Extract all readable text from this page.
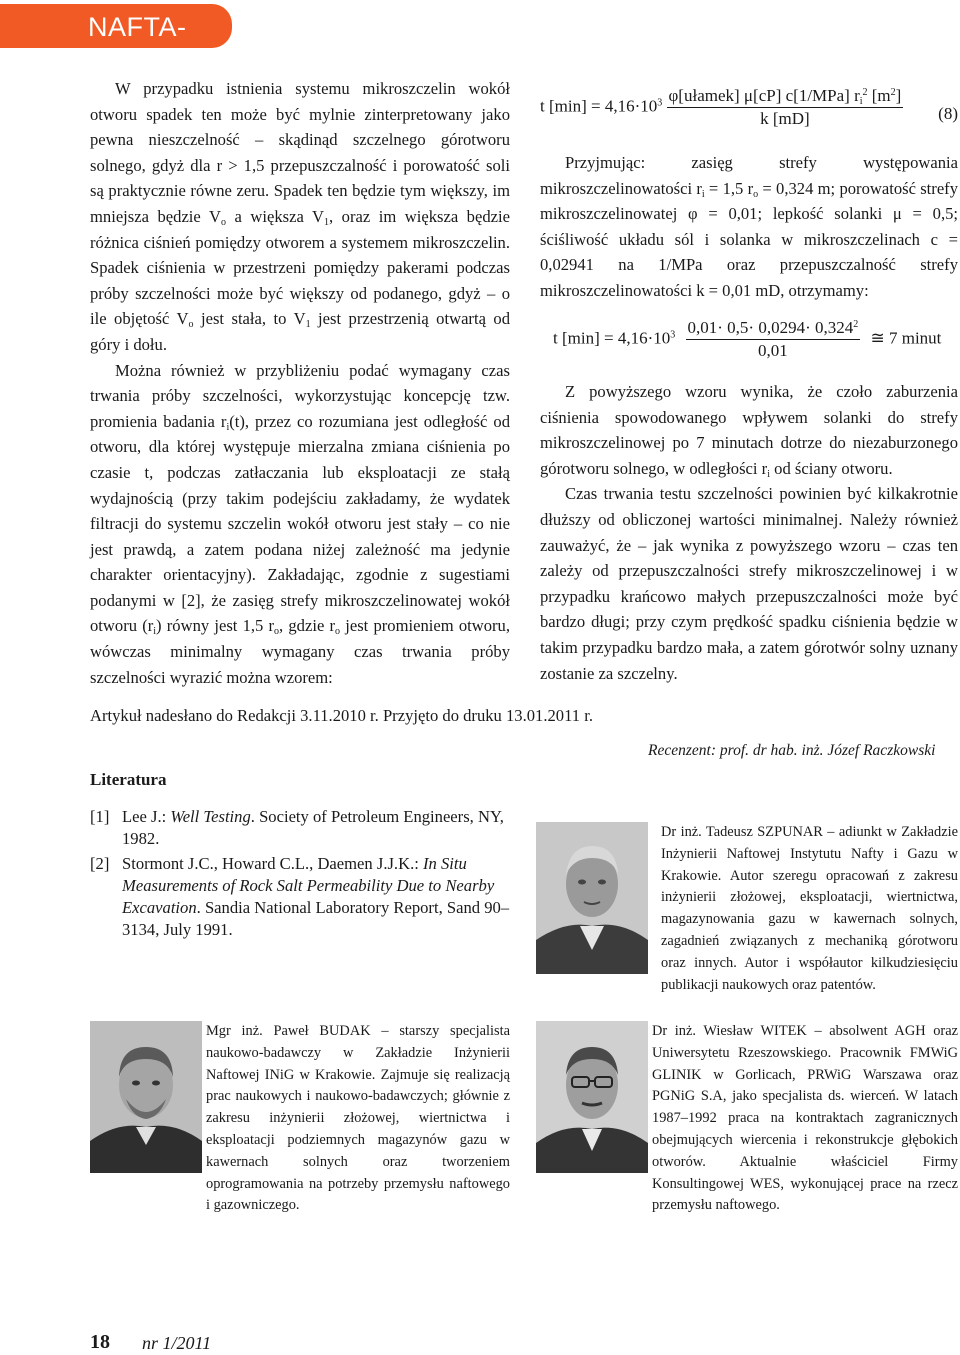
NAFTA-GAZ

W przypadku istnienia systemu mikroszczelin wokół otworu spadek ten może być mylnie zinterpretowany jako pewna nieszczelność – skądinąd szczelnego górotworu solnego, gdyż dla r > 1,5 przepuszczalność i porowatość soli są praktycznie równe zeru. Spadek ten będzie tym większy, im mniejsza będzie $V_o$ a większa $V_1$, oraz im większa będzie różnica ciśnień pomiędzy otworem a systemem mikroszczelin. Spadek ciśnienia w przestrzeni pomiędzy pakerami podczas próby szczelności może być większy od podanego, gdyż – o ile objętość $V_o$ jest stała, to $V_1$ jest przestrzenią otwartą od góry i dołu.

Można również w przybliżeniu podać wymagany czas trwania próby szczelności, wykorzystując koncepcję tzw. promienia badania $r_i(t)$, przez co rozumiana jest odległość od otworu, dla której występuje mierzalna zmiana ciśnienia po czasie t, podczas zatłaczania lub eksploatacji ze stałą wydajnością (przy takim podejściu zakładamy, że wydatek filtracji do systemu szczelin wokół otworu jest stały – co nie jest prawdą, a zatem podana niżej zależność ma jedynie charakter orientacyjny). Zakładając, zgodnie z sugestiami podanymi w [2], że zasięg strefy mikroszczelinowatej wokół otworu $(r_i)$ równy jest 1,5 $r_o$, gdzie $r_o$ jest promieniem otworu, wówczas minimalny wymagany czas trwania próby szczelności wyrazić można wzorem:

t $[\min] = 4,16\cdot 10^3 \frac{\varphi[ułamek] \mu[cP] c[1/MPa] r_i^2 [m^2]}{k [mD]} (8)$

Przyjmując: zasięg strefy występowania mikroszczelinowatości $r_i = 1,5$ $r_o = 0,324$ m; porowatość strefy mikroszczelinowatej φ = 0,01; lepkość solanki μ = 0,5; ściśliwość układu sól i solanka w mikroszczelinach c = 0,02941 na 1/MPa oraz przepuszczalność strefy mikroszczelinowatości k = 0,01 mD, otrzymamy:

t $[\min] = 4,16\cdot 10^3 \frac{0,01\cdot 0,5\cdot 0,0294\cdot 0,324^2}{0,01}$ ≅ 7 minut

Z powyższego wzoru wynika, że czoło zaburzenia ciśnienia spowodowanego wpływem solanki do strefy mikroszczelinowej po 7 minutach dotrze do niezaburzonego górotworu solnego, w odległości $r_i$ od ściany otworu.

Czas trwania testu szczelności powinien być kilkakrotnie dłuższy od obliczonej wartości minimalnej. Należy również zauważyć, że – jak wynika z powyższego wzoru – czas ten zależy od przepuszczalności strefy mikroszczelinowej i w przypadku krańcowo małych przepuszczalności może być bardzo długi; przy czym prędkość spadku ciśnienia będzie w takim przypadku bardzo mała, a zatem górotwór solny uznany zostanie za szczelny.

Artykuł nadesłano do Redakcji 3.11.2010 r. Przyjęto do druku 13.01.2011 r.
Recenzent: prof. dr hab. inż. Józef Raczkowski
Literatura
[1] Lee J.: Well Testing. Society of Petroleum Engineers, NY, 1982.
[2] Stormont J.C., Howard C.L., Daemen J.J.K.: In Situ Measurements of Rock Salt Permeability Due to Nearby Excavation. Sandia National Laboratory Report, Sand 90–3134, July 1991.
Dr inż. Tadeusz SZPUNAR – adiunkt w Zakładzie Inżynierii Naftowej Instytutu Nafty i Gazu w Krakowie. Autor szeregu opracowań z zakresu inżynierii złożowej, eksploatacji, wiertnictwa, magazynowania gazu w kawernach solnych, zagadnień związanych z mechaniką górotworu oraz innych. Autor i współautor kilkudziesięciu publikacji naukowych oraz patentów.
Mgr inż. Paweł BUDAK – starszy specjalista naukowo-badawczy w Zakładzie Inżynierii Naftowej INiG w Krakowie. Zajmuje się realizacją prac naukowych i naukowo-badawczych; głównie z zakresu inżynierii złożowej, wiertnictwa i eksploatacji podziemnych magazynów gazu w kawernach solnych oraz tworzeniem oprogramowania na potrzeby przemysłu naftowego i gazowniczego.
Dr inż. Wiesław WITEK – absolwent AGH oraz Uniwersytetu Rzeszowskiego. Pracownik FMWiG GLINIK w Gorlicach, PRWiG Warszawa oraz PGNiG S.A, jako specjalista ds. wierceń. W latach 1987–1992 praca na kontraktach zagranicznych obejmujących wiercenia i rekonstrukcje głębokich otworów. Aktualnie właściciel Firmy Konsultingowej WES, wykonującej prace na rzecz przemysłu naftowego.
18 nr 1/2011
